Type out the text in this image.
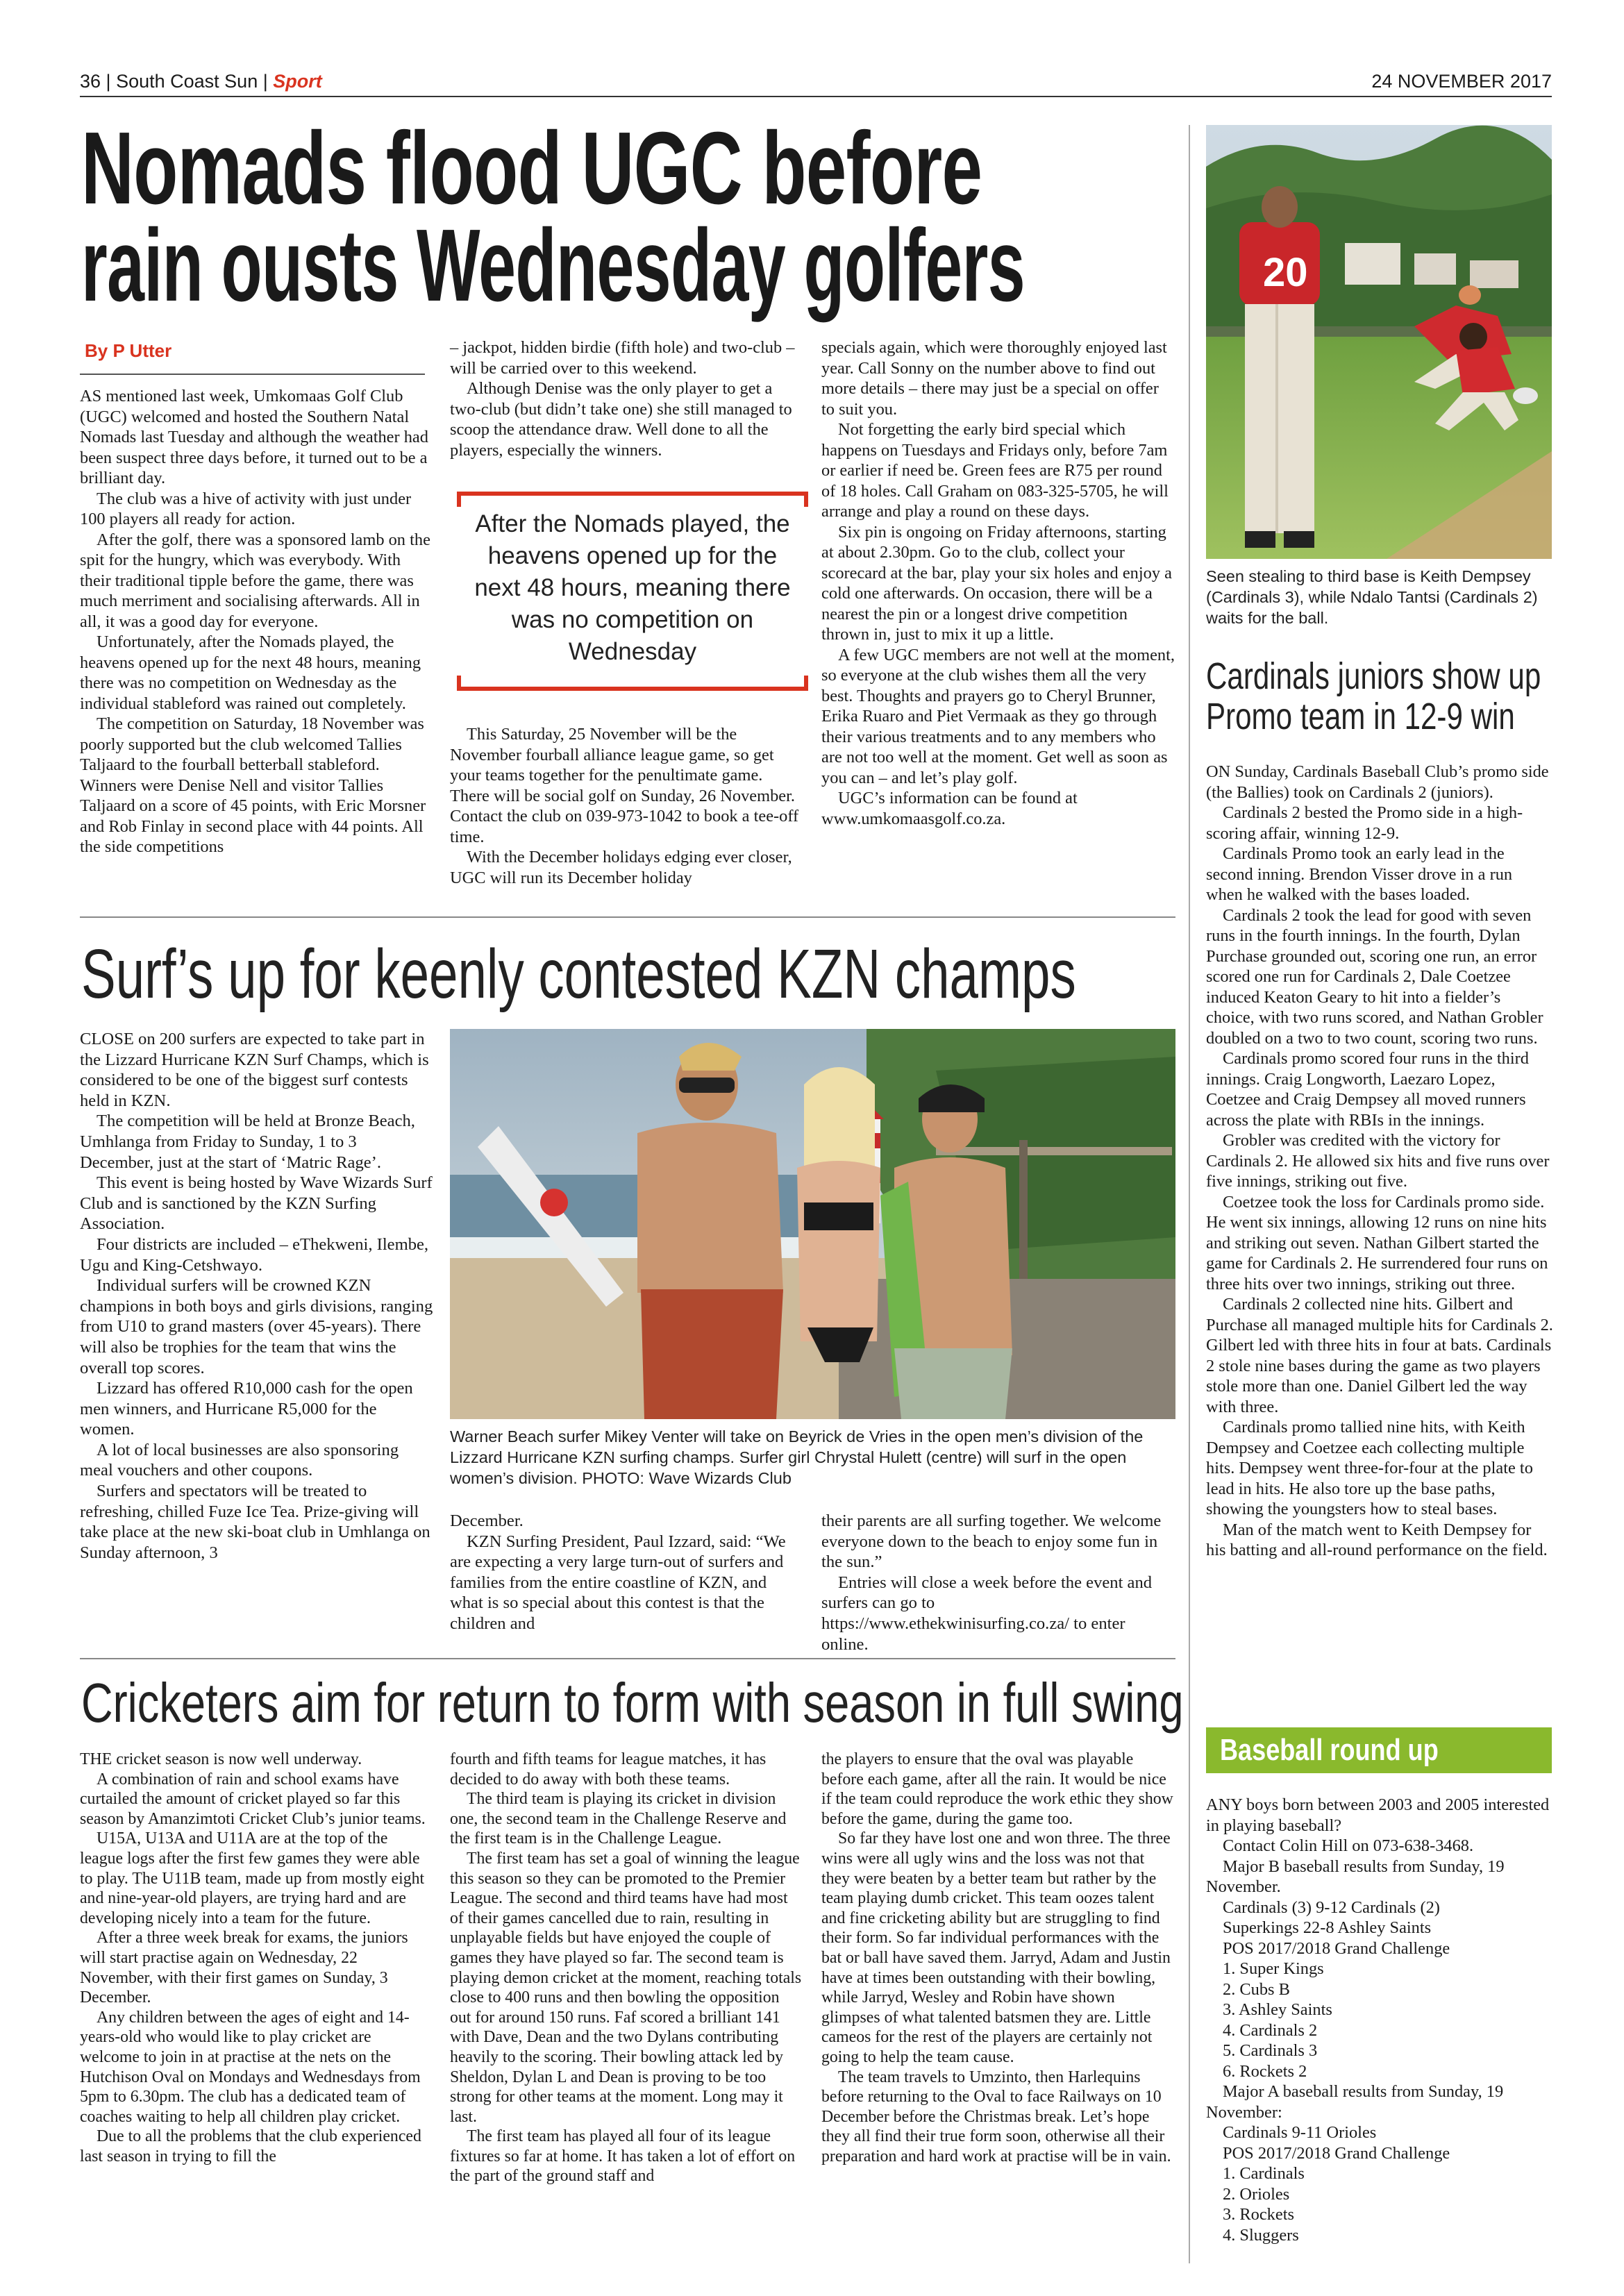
36 | South Coast Sun | Sport	24 NOVEMBER 2017
Nomads flood UGC before
rain ousts Wednesday golfers
By P Utter

AS mentioned last week, Umkomaas Golf Club (UGC) welcomed and hosted the Southern Natal Nomads last Tuesday and although the weather had been suspect three days before, it turned out to be a brilliant day.

The club was a hive of activity with just under 100 players all ready for action.

After the golf, there was a sponsored lamb on the spit for the hungry, which was everybody. With their traditional tipple before the game, there was much merriment and socialising afterwards. All in all, it was a good day for everyone.

Unfortunately, after the Nomads played, the heavens opened up for the next 48 hours, meaning there was no competition on Wednesday as the individual stableford was rained out completely.

The competition on Saturday, 18 November was poorly supported but the club welcomed Tallies Taljaard to the fourball betterball stableford. Winners were Denise Nell and visitor Tallies Taljaard on a score of 45 points, with Eric Morsner and Rob Finlay in second place with 44 points. All the side competitions

– jackpot, hidden birdie (fifth hole) and two-club – will be carried over to this weekend.

Although Denise was the only player to get a two-club (but didn’t take one) she still managed to scoop the attendance draw. Well done to all the players, especially the winners.

After the Nomads played, the heavens opened up for the next 48 hours, meaning there was no competition on Wednesday

This Saturday, 25 November will be the November fourball alliance league game, so get your teams together for the penultimate game. There will be social golf on Sunday, 26 November. Contact the club on 039-973-1042 to book a tee-off time.

With the December holidays edging ever closer, UGC will run its December holiday

specials again, which were thoroughly enjoyed last year. Call Sonny on the number above to find out more details – there may just be a special on offer to suit you.

Not forgetting the early bird special which happens on Tuesdays and Fridays only, before 7am or earlier if need be. Green fees are R75 per round of 18 holes. Call Graham on 083-325-5705, he will arrange and play a round on these days.

Six pin is ongoing on Friday afternoons, starting at about 2.30pm. Go to the club, collect your scorecard at the bar, play your six holes and enjoy a cold one afterwards. On occasion, there will be a nearest the pin or a longest drive competition thrown in, just to mix it up a little.

A few UGC members are not well at the moment, so everyone at the club wishes them all the very best. Thoughts and prayers go to Cheryl Brunner, Erika Ruaro and Piet Vermaak as they go through their various treatments and to any members who are not too well at the moment. Get well as soon as you can – and let’s play golf.

UGC’s information can be found at www.umkomaasgolf.co.za.

20
Seen stealing to third base is Keith Dempsey (Cardinals 3), while Ndalo Tantsi (Cardinals 2) waits for the ball.
Cardinals juniors show up
Promo team in 12-9 win

ON Sunday, Cardinals Baseball Club’s promo side (the Ballies) took on Cardinals 2 (juniors).

Cardinals 2 bested the Promo side in a high-scoring affair, winning 12-9.

Cardinals Promo took an early lead in the second inning. Brendon Visser drove in a run when he walked with the bases loaded.

Cardinals 2 took the lead for good with seven runs in the fourth innings. In the fourth, Dylan Purchase grounded out, scoring one run, an error scored one run for Cardinals 2, Dale Coetzee induced Keaton Geary to hit into a fielder’s choice, with two runs scored, and Nathan Grobler doubled on a two to two count, scoring two runs.

Cardinals promo scored four runs in the third innings. Craig Longworth, Laezaro Lopez, Coetzee and Craig Dempsey all moved runners across the plate with RBIs in the innings.

Grobler was credited with the victory for Cardinals 2. He allowed six hits and five runs over five innings, striking out five.

Coetzee took the loss for Cardinals promo side. He went six innings, allowing 12 runs on nine hits and striking out seven. Nathan Gilbert started the game for Cardinals 2. He surrendered four runs on three hits over two innings, striking out three.

Cardinals 2 collected nine hits. Gilbert and Purchase all managed multiple hits for Cardinals 2. Gilbert led with three hits in four at bats. Cardinals 2 stole nine bases during the game as two players stole more than one. Daniel Gilbert led the way with three.

Cardinals promo tallied nine hits, with Keith Dempsey and Coetzee each collecting multiple hits. Dempsey went three-for-four at the plate to lead in hits. He also tore up the base paths, showing the youngsters how to steal bases.

Man of the match went to Keith Dempsey for his batting and all-round performance on the field.

Baseball round up

ANY boys born between 2003 and 2005 interested in playing baseball?

Contact Colin Hill on 073-638-3468.

Major B baseball results from Sunday, 19 November.

Cardinals (3) 9-12 Cardinals (2)

Superkings 22-8 Ashley Saints

POS 2017/2018 Grand Challenge

1. Super Kings

2. Cubs B

3. Ashley Saints

4. Cardinals 2

5. Cardinals 3

6. Rockets 2

Major A baseball results from Sunday, 19 November:

Cardinals 9-11 Orioles

POS 2017/2018 Grand Challenge

1. Cardinals

2. Orioles

3. Rockets

4. Sluggers

Surf’s up for keenly contested KZN champs

CLOSE on 200 surfers are expected to take part in the Lizzard Hurricane KZN Surf Champs, which is considered to be one of the biggest surf contests held in KZN.

The competition will be held at Bronze Beach, Umhlanga from Friday to Sunday, 1 to 3 December, just at the start of ‘Matric Rage’.

This event is being hosted by Wave Wizards Surf Club and is sanctioned by the KZN Surfing Association.

Four districts are included – eThekweni, Ilembe, Ugu and King-Cetshwayo.

Individual surfers will be crowned KZN champions in both boys and girls divisions, ranging from U10 to grand masters (over 45-years). There will also be trophies for the team that wins the overall top scores.

Lizzard has offered R10,000 cash for the open men winners, and Hurricane R5,000 for the women.

A lot of local businesses are also sponsoring meal vouchers and other coupons.

Surfers and spectators will be treated to refreshing, chilled Fuze Ice Tea. Prize-giving will take place at the new ski-boat club in Umhlanga on Sunday afternoon, 3

Warner Beach surfer Mikey Venter will take on Beyrick de Vries in the open men’s division of the Lizzard Hurricane KZN surfing champs. Surfer girl Chrystal Hulett (centre) will surf in the open women’s division. PHOTO: Wave Wizards Club

December.

KZN Surfing President, Paul Izzard, said: “We are expecting a very large turn-out of surfers and families from the entire coastline of KZN, and what is so special about this contest is that the children and

their parents are all surfing together. We welcome everyone down to the beach to enjoy some fun in the sun.”

Entries will close a week before the event and surfers can go to https://www.ethekwinisurfing.co.za/ to enter online.

Cricketers aim for return to form with season in full swing

THE cricket season is now well underway.

A combination of rain and school exams have curtailed the amount of cricket played so far this season by Amanzimtoti Cricket Club’s junior teams.

U15A, U13A and U11A are at the top of the league logs after the first few games they were able to play. The U11B team, made up from mostly eight and nine-year-old players, are trying hard and are developing nicely into a team for the future.

After a three week break for exams, the juniors will start practise again on Wednesday, 22 November, with their first games on Sunday, 3 December.

Any children between the ages of eight and 14-years-old who would like to play cricket are welcome to join in at practise at the nets on the Hutchison Oval on Mondays and Wednesdays from 5pm to 6.30pm. The club has a dedicated team of coaches waiting to help all children play cricket.

Due to all the problems that the club experienced last season in trying to fill the

fourth and fifth teams for league matches, it has decided to do away with both these teams.

The third team is playing its cricket in division one, the second team in the Challenge Reserve and the first team is in the Challenge League.

The first team has set a goal of winning the league this season so they can be promoted to the Premier League. The second and third teams have had most of their games cancelled due to rain, resulting in unplayable fields but have enjoyed the couple of games they have played so far. The second team is playing demon cricket at the moment, reaching totals close to 400 runs and then bowling the opposition out for around 150 runs. Faf scored a brilliant 141 with Dave, Dean and the two Dylans contributing heavily to the scoring. Their bowling attack led by Sheldon, Dylan L and Dean is proving to be too strong for other teams at the moment. Long may it last.

The first team has played all four of its league fixtures so far at home. It has taken a lot of effort on the part of the ground staff and

the players to ensure that the oval was playable before each game, after all the rain. It would be nice if the team could reproduce the work ethic they show before the game, during the game too.

So far they have lost one and won three. The three wins were all ugly wins and the loss was not that they were beaten by a better team but rather by the team playing dumb cricket. This team oozes talent and fine cricketing ability but are struggling to find their form. So far individual performances with the bat or ball have saved them. Jarryd, Adam and Justin have at times been outstanding with their bowling, while Jarryd, Wesley and Robin have shown glimpses of what talented batsmen they are. Little cameos for the rest of the players are certainly not going to help the team cause.

The team travels to Umzinto, then Harlequins before returning to the Oval to face Railways on 10 December before the Christmas break. Let’s hope they all find their true form soon, otherwise all their preparation and hard work at practise will be in vain.
